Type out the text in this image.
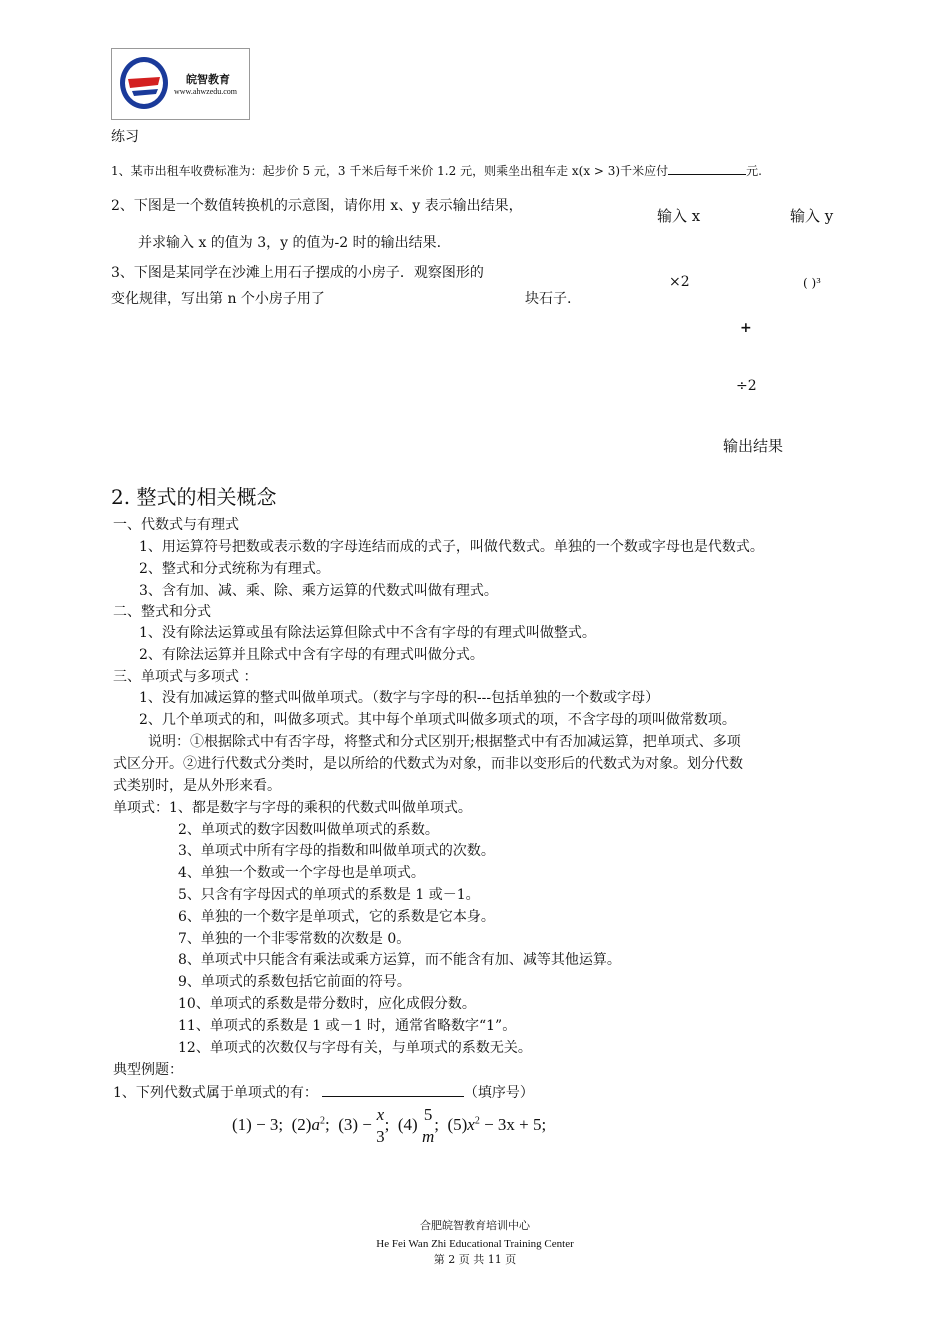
皖智教育
www.ahwzedu.com
练习
1、某市出租车收费标准为：起步价 5 元，3 千米后每千米价 1.2 元，则乘坐出租车走 x(x > 3)千米应付	元.
2、下图是一个数值转换机的示意图，请你用 x、y 表示输出结果，
并求输入 x 的值为 3，y 的值为-2 时的输出结果.
3、下图是某同学在沙滩上用石子摆成的小房子．观察图形的
变化规律，写出第 n 个小房子用了	块石子.
输入 x	输入 y
×2	( )³
+
÷2
输出结果
2. 整式的相关概念
一、代数式与有理式
1、用运算符号把数或表示数的字母连结而成的式子，叫做代数式。单独的一个数或字母也是代数式。
2、整式和分式统称为有理式。
3、含有加、减、乘、除、乘方运算的代数式叫做有理式。
二、整式和分式
1、没有除法运算或虽有除法运算但除式中不含有字母的有理式叫做整式。
2、有除法运算并且除式中含有字母的有理式叫做分式。
三、单项式与多项式 ：
1、没有加减运算的整式叫做单项式。（数字与字母的积---包括单独的一个数或字母）
2、几个单项式的和，叫做多项式。其中每个单项式叫做多项式的项，不含字母的项叫做常数项。
说明：①根据除式中有否字母，将整式和分式区别开;根据整式中有否加减运算，把单项式、多项
式区分开。②进行代数式分类时，是以所给的代数式为对象，而非以变形后的代数式为对象。划分代数
式类别时，是从外形来看。
单项式：1、都是数字与字母的乘积的代数式叫做单项式。
2、单项式的数字因数叫做单项式的系数。
3、单项式中所有字母的指数和叫做单项式的次数。
4、单独一个数或一个字母也是单项式。
5、只含有字母因式的单项式的系数是 1 或－1。
6、单独的一个数字是单项式，它的系数是它本身。
7、单独的一个非零常数的次数是 0。
8、单项式中只能含有乘法或乘方运算，而不能含有加、减等其他运算。
9、单项式的系数包括它前面的符号。
10、单项式的系数是带分数时，应化成假分数。
11、单项式的系数是 1 或－1 时，通常省略数字“1”。
12、单项式的次数仅与字母有关，与单项式的系数无关。
典型例题：
1、下列代数式属于单项式的有：	（填序号）
(1) − 3; $(2)a^2$; (3) −
x
3
; (4)
5
m
; $(5)x^2 - 3x + 5$;
合肥皖智教育培训中心
He Fei Wan Zhi Educational Training Center
第 2 页 共 11 页
